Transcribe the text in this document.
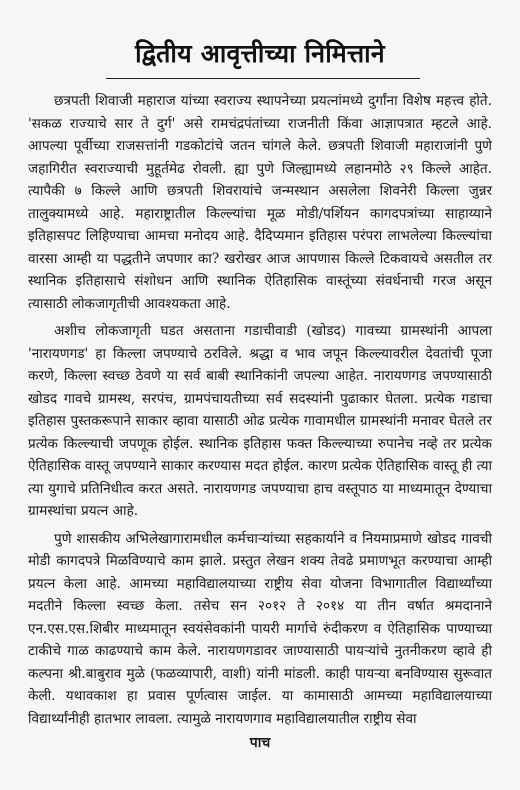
द्वितीय आवृत्तीच्या निमित्ताने

छत्रपती शिवाजी महाराज यांच्या स्वराज्य स्थापनेच्या प्रयत्नांमध्ये दुर्गांना विशेष महत्त्व होते. 'सकळ राज्याचे सार ते दुर्ग' असे रामचंद्रपंतांच्या राजनीती किंवा आज्ञापत्रात म्हटले आहे. आपल्या पूर्वीच्या राजसत्तांनी गडकोटांचे जतन चांगले केले. छत्रपती शिवाजी महाराजांनी पुणे जहागिरीत स्वराज्याची मुहूर्तमेढ रोवली. ह्या पुणे जिल्ह्यामध्ये लहानमोठे २९ किल्ले आहेत. त्यापैकी ७ किल्ले आणि छत्रपती शिवरायांचे जन्मस्थान असलेला शिवनेरी किल्ला जुन्नर तालुक्यामध्ये आहे. महाराष्ट्रातील किल्ल्यांचा मूळ मोडी/पर्शियन कागदपत्रांच्या साहाय्याने इतिहासपट लिहिण्याचा आमचा मनोदय आहे. दैदिप्यमान इतिहास परंपरा लाभलेल्या किल्ल्यांचा वारसा आम्ही या पद्धतीने जपणार का? खरोखर आज आपणास किल्ले टिकवायचे असतील तर स्थानिक इतिहासाचे संशोधन आणि स्थानिक ऐतिहासिक वास्तूंच्या संवर्धनाची गरज असून त्यासाठी लोकजागृतीची आवश्यकता आहे.

अशीच लोकजागृती घडत असताना गडाचीवाडी (खोडद) गावच्या ग्रामस्थांनी आपला 'नारायणगड' हा किल्ला जपण्याचे ठरविले. श्रद्धा व भाव जपून किल्ल्यावरील देवतांची पूजा करणे, किल्ला स्वच्छ ठेवणे या सर्व बाबी स्थानिकांनी जपल्या आहेत. नारायणगड जपण्यासाठी खोडद गावचे ग्रामस्थ, सरपंच, ग्रामपंचायतीच्या सर्व सदस्यांनी पुढाकार घेतला. प्रत्येक गडाचा इतिहास पुस्तकरूपाने साकार व्हावा यासाठी ओढ प्रत्येक गावामधील ग्रामस्थांनी मनावर घेतले तर प्रत्येक किल्ल्याची जपणूक होईल. स्थानिक इतिहास फक्त किल्ल्याच्या रुपानेच नव्हे तर प्रत्येक ऐतिहासिक वास्तू जपण्याने साकार करण्यास मदत होईल. कारण प्रत्येक ऐतिहासिक वास्तू ही त्या त्या युगाचे प्रतिनिधीत्व करत असते. नारायणगड जपण्याचा हाच वस्तूपाठ या माध्यमातून देण्याचा ग्रामस्थांचा प्रयत्न आहे.

पुणे शासकीय अभिलेखागारामधील कर्मचाऱ्यांच्या सहकार्याने व नियमाप्रमाणे खोडद गावची मोडी कागदपत्रे मिळविण्याचे काम झाले. प्रस्तुत लेखन शक्य तेवढे प्रमाणभूत करण्याचा आम्ही प्रयत्न केला आहे. आमच्या महाविद्यालयाच्या राष्ट्रीय सेवा योजना विभागातील विद्यार्थ्यांच्या मदतीने किल्ला स्वच्छ केला. तसेच सन २०१२ ते २०१४ या तीन वर्षात श्रमदानाने एन.एस.एस.शिबीर माध्यमातून स्वयंसेवकांनी पायरी मार्गाचे रुंदीकरण व ऐतिहासिक पाण्याच्या टाकीचे गाळ काढण्याचे काम केले. नारायणगडावर जाण्यासाठी पायऱ्यांचे नुतनीकरण व्हावे ही कल्पना श्री.बाबुराव मुळे (फळव्यापारी, वाशी) यांनी मांडली. काही पायऱ्या बनविण्यास सुरूवात केली. यथावकाश हा प्रवास पूर्णत्वास जाईल. या कामासाठी आमच्या महाविद्यालयाच्या विद्यार्थ्यांनीही हातभार लावला. त्यामुळे नारायणगाव महाविद्यालयातील राष्ट्रीय सेवा

पाच
